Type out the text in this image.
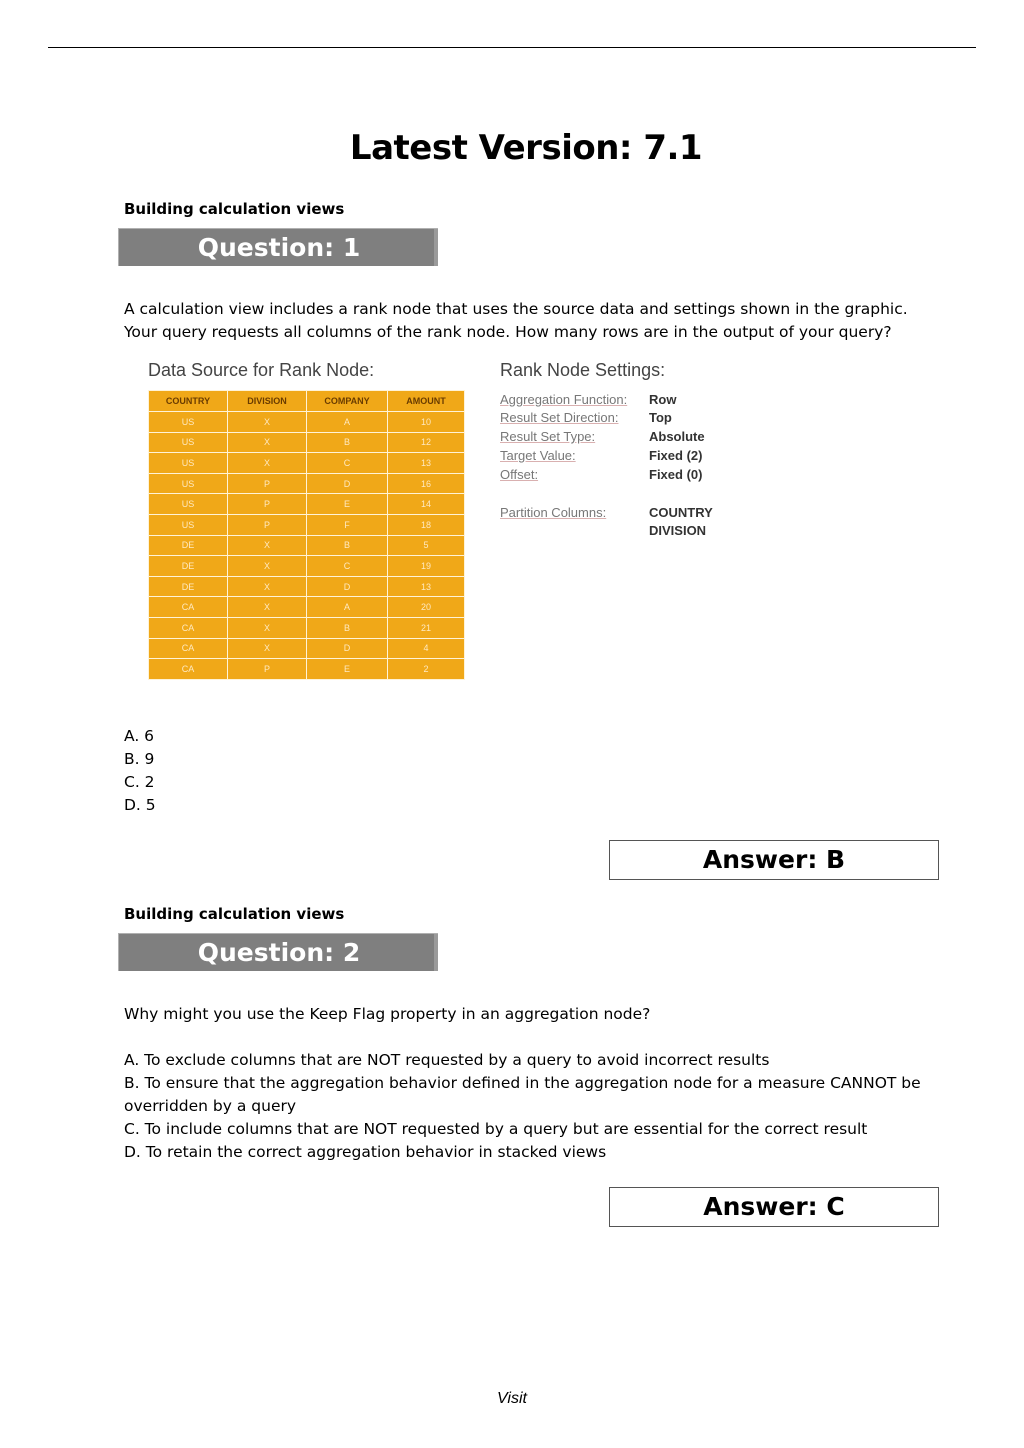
Latest Version: 7.1
Building calculation views
Question: 1
A calculation view includes a rank node that uses the source data and settings shown in the graphic.
Your query requests all columns of the rank node. How many rows are in the output of your query?
Data Source for Rank Node:
COUNTRY	DIVISION	COMPANY	AMOUNT
US	X	A	10
US	X	B	12
US	X	C	13
US	P	D	16
US	P	E	14
US	P	F	18
DE	X	B	5
DE	X	C	19
DE	X	D	13
CA	X	A	20
CA	X	B	21
CA	X	D	4
CA	P	E	2
Rank Node Settings:
Aggregation Function: Row
Result Set Direction: Top
Result Set Type:	Absolute
Target Value:	Fixed (2)
Offset:	Fixed (0)
Partition Columns:	COUNTRY
DIVISION
A. 6
B. 9
C. 2
D. 5
Answer: B
Building calculation views
Question: 2
Why might you use the Keep Flag property in an aggregation node?
A. To exclude columns that are NOT requested by a query to avoid incorrect results
B. To ensure that the aggregation behavior defined in the aggregation node for a measure CANNOT be overridden by a query
C. To include columns that are NOT requested by a query but are essential for the correct result
D. To retain the correct aggregation behavior in stacked views
Answer: C
Visit
